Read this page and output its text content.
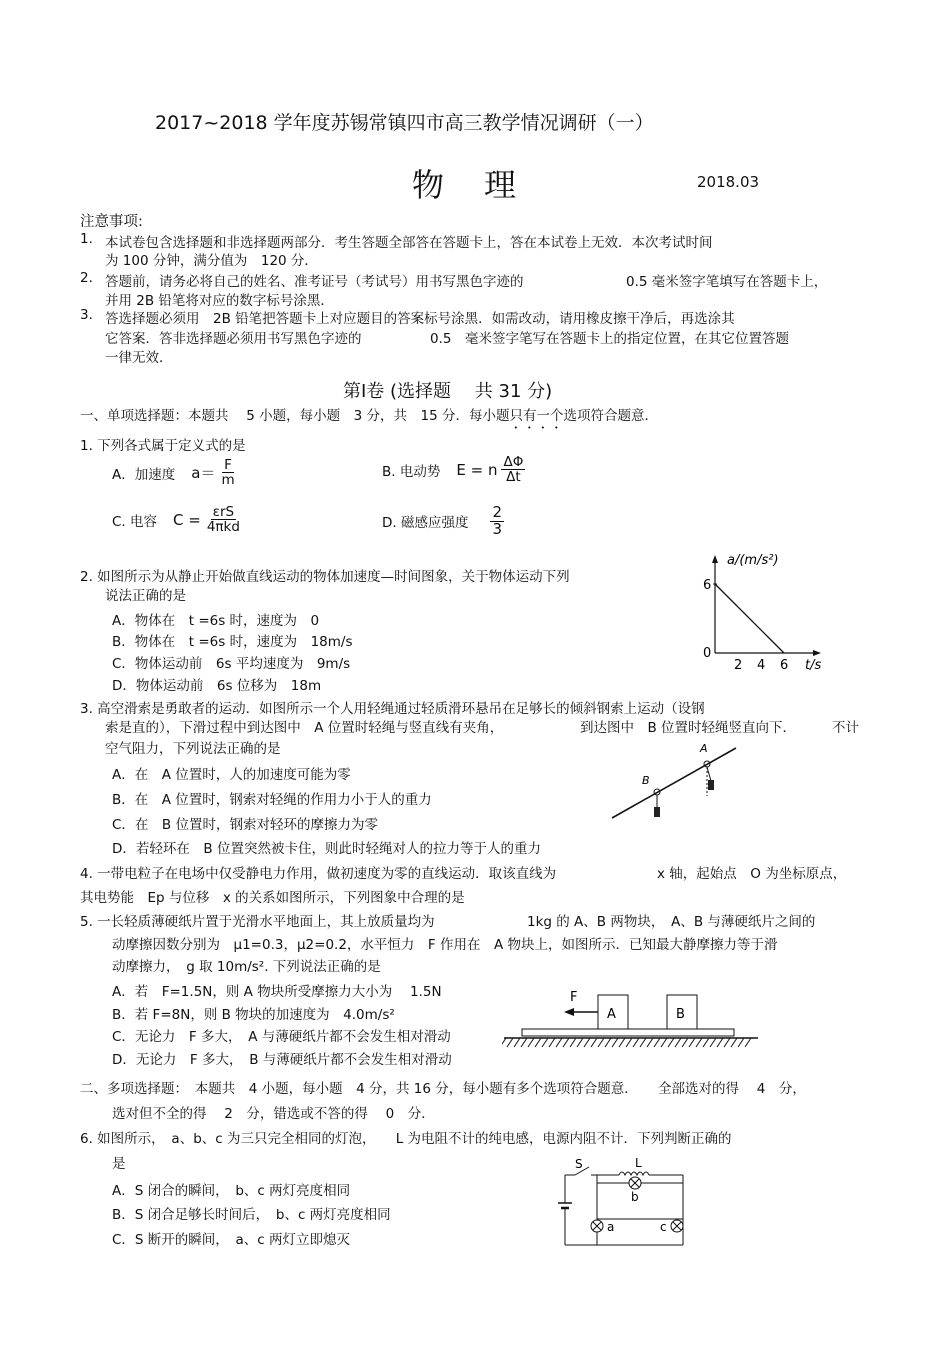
2017~2018 学年度苏锡常镇四市高三教学情况调研（一）
物理	2018.03
注意事项:
1. 本试卷包含选择题和非选择题两部分．考生答题全部答在答题卡上，答在本试卷上无效．本次考试时间
为 100 分钟，满分值为　120 分．
2. 答题前，请务必将自己的姓名、准考证号（考试号）用书写黑色字迹的	0.5 毫米签字笔填写在答题卡上，
并用 2B 铅笔将对应的数字标号涂黑．
3. 答选择题必须用　2B 铅笔把答题卡上对应题目的答案标号涂黑．如需改动，请用橡皮擦干净后，再选涂其
它答案．答非选择题必须用书写黑色字迹的	0.5　毫米签字笔写在答题卡上的指定位置，在其它位置答题
一律无效．
第Ⅰ卷 (选择题　 共 31 分)
一、单项选择题：本题共　 5 小题，每小题　3 分，共　15 分．每小题只有一个选项符合题意．
1. 下列各式属于定义式的是
A．加速度 $a= \frac{F}{m}$	B. 电动势 E = n $\frac{\Delta\Phi}{\Delta t}$
C. 电容 $C = \frac{\text{εrS}}{\text{4πkd}}$	D. 磁感应强度 $\frac{2}{3}$
2. 如图所示为从静止开始做直线运动的物体加速度—时间图象，关于物体运动下列
说法正确的是
A．物体在　t =6s 时，速度为　0
B．物体在　t =6s 时，速度为　18m/s
C．物体运动前　6s 平均速度为　9m/s
D．物体运动前　6s 位移为　18m
0
2 4 6
6
a/(m/s²)
t/s
3. 高空滑索是勇敢者的运动．如图所示一个人用轻绳通过轻质滑环悬吊在足够长的倾斜钢索上运动（设钢
索是直的），下滑过程中到达图中　A 位置时轻绳与竖直线有夹角，	到达图中　B 位置时轻绳竖直向下．	不计
空气阻力，下列说法正确的是
A．在　A 位置时，人的加速度可能为零
B．在　A 位置时，钢索对轻绳的作用力小于人的重力
C．在　B 位置时，钢索对轻环的摩擦力为零
D．若轻环在　B 位置突然被卡住，则此时轻绳对人的拉力等于人的重力
B
A
4. 一带电粒子在电场中仅受静电力作用，做初速度为零的直线运动．取该直线为	x 轴，起始点　O 为坐标原点，
其电势能　Ep 与位移　x 的关系如图所示，下列图象中合理的是
5. 一长轻质薄硬纸片置于光滑水平地面上，其上放质量均为	1kg 的 A、B 两物块，　A、B 与薄硬纸片之间的
动摩擦因数分别为　μ1=0.3，μ2=0.2，水平恒力　F 作用在　A 物块上，如图所示．已知最大静摩擦力等于滑
动摩擦力，　g 取 10m/s². 下列说法正确的是
A．若　F=1.5N，则 A 物块所受摩擦力大小为　 1.5N
B．若 F=8N，则 B 物块的加速度为　4.0m/s²
C．无论力　F 多大，　A 与薄硬纸片都不会发生相对滑动
D．无论力　F 多大，　B 与薄硬纸片都不会发生相对滑动
A	B
F
二、多项选择题：　本题共　4 小题，每小题　4 分，共 16 分，每小题有多个选项符合题意．　　全部选对的得　 4　分，
选对但不全的得　 2　分，错选或不答的得　 0　分．
6. 如图所示，　a、b、c 为三只完全相同的灯泡，　　L 为电阻不计的纯电感，电源内阻不计．下列判断正确的
是
A．S 闭合的瞬间，　b、c 两灯亮度相同
B．S 闭合足够长时间后，　b、c 两灯亮度相同
C．S 断开的瞬间，　a、c 两灯立即熄灭
S	L
b
a	c
